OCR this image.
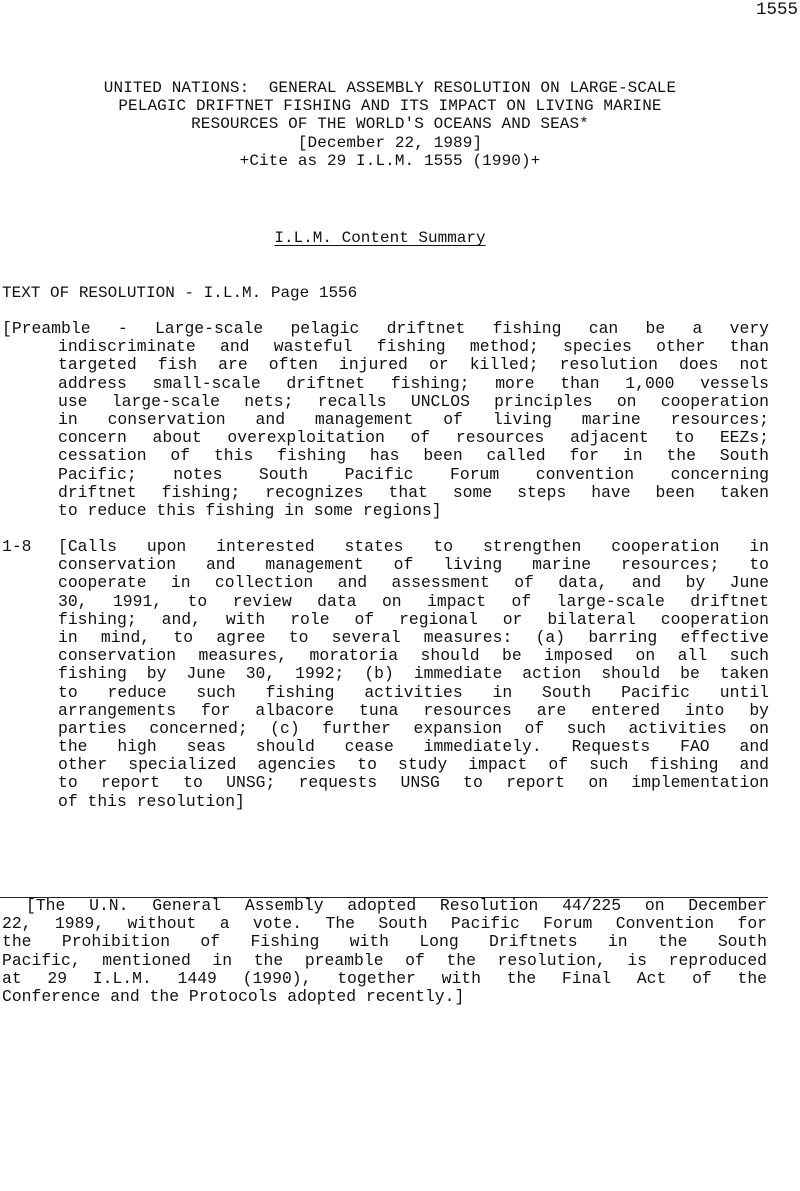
1555
UNITED NATIONS:  GENERAL ASSEMBLY RESOLUTION ON LARGE-SCALE
PELAGIC DRIFTNET FISHING AND ITS IMPACT ON LIVING MARINE
RESOURCES OF THE WORLD'S OCEANS AND SEAS*
[December 22, 1989]
+Cite as 29 I.L.M. 1555 (1990)+
I.L.M. Content Summary
TEXT OF RESOLUTION - I.L.M. Page 1556
[Preamble - Large-scale pelagic driftnet fishing can be a very
indiscriminate and wasteful fishing method; species other than
targeted fish are often injured or killed; resolution does not
address small-scale driftnet fishing; more than 1,000 vessels
use large-scale nets; recalls UNCLOS principles on cooperation
in conservation and management of living marine resources;
concern about overexploitation of resources adjacent to EEZs;
cessation of this fishing has been called for in the South
Pacific; notes South Pacific Forum convention concerning
driftnet fishing; recognizes that some steps have been taken
to reduce this fishing in some regions]
1-8 [Calls upon interested states to strengthen cooperation in
conservation and management of living marine resources; to
cooperate in collection and assessment of data, and by June
30, 1991, to review data on impact of large-scale driftnet
fishing; and, with role of regional or bilateral cooperation
in mind, to agree to several measures: (a) barring effective
conservation measures, moratoria should be imposed on all such
fishing by June 30, 1992; (b) immediate action should be taken
to reduce such fishing activities in South Pacific until
arrangements for albacore tuna resources are entered into by
parties concerned; (c) further expansion of such activities on
the high seas should cease immediately. Requests FAO and
other specialized agencies to study impact of such fishing and
to report to UNSG; requests UNSG to report on implementation
of this resolution]
[The U.N. General Assembly adopted Resolution 44/225 on December
22, 1989, without a vote. The South Pacific Forum Convention for
the Prohibition of Fishing with Long Driftnets in the South
Pacific, mentioned in the preamble of the resolution, is reproduced
at 29 I.L.M. 1449 (1990), together with the Final Act of the
Conference and the Protocols adopted recently.]
